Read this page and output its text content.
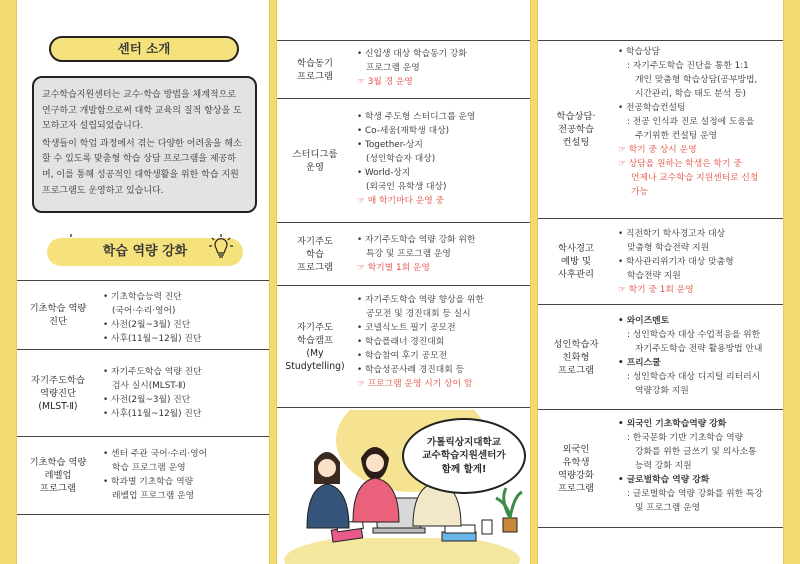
센터 소개

교수학습지원센터는 교수·학습 방법을 체계적으로 연구하고 개발함으로써 대학 교육의 질적 향상을 도모하고자 설립되었습니다.

학생들이 학업 과정에서 겪는 다양한 어려움을 해소할 수 있도록 맞춤형 학습 상담 프로그램을 제공하며, 이를 통해 성공적인 대학생활을 위한 학습 지원 프로그램도 운영하고 있습니다.

학습 역량 강화
기초학습 역량
진단
• 기초학습능력 진단
(국어·수리·영어)
• 사전(2월~3월) 진단
• 사후(11월~12월) 진단
자기주도학습
역량진단
(MLST-Ⅱ)
• 자기주도학습 역량 진단
검사 실시(MLST-Ⅱ)
• 사전(2월~3월) 진단
• 사후(11월~12월) 진단
기초학습 역량
레벨업
프로그램
• 센터 주관 국어·수리·영어
학습 프로그램 운영
• 학과별 기초학습 역량
레벨업 프로그램 운영
학습동기
프로그램
• 신입생 대상 학습동기 강화
프로그램 운영
☞ 3월 경 운영
스터디그룹
운영
• 학생 주도형 스터디그룹 운영
• Co-세움(재학생 대상)
• Together-상지
(성인학습자 대상)
• World-상지
(외국인 유학생 대상)
☞ 매 학기마다 운영 중
자기주도
학습
프로그램
• 자기주도학습 역량 강화 위한
특강 및 프로그램 운영
☞ 학기별 1회 운영
자기주도
학습캠프
(My
Studytelling)
• 자기주도학습 역량 향상을 위한
공모전 및 경진대회 등 실시
• 코넬식노트 필기 공모전
• 학습플래너 경진대회
• 학습참여 후기 공모전
• 학습성공사례 경진대회 등
☞ 프로그램 운영 시기 상이 함
가톨릭상지대학교
교수학습지원센터가
함께 할게!
학습상담·
전공학습
컨설팅
• 학습상담
: 자기주도학습 진단을 통한 1:1
개인 맞춤형 학습상담(공부방법,
시간관리, 학습 태도 분석 등)
• 전공학습컨설팅
: 전공 인식과 진로 설정에 도움을
주기위한 컨설팅 운영
☞ 학기 중 상시 운영
☞ 상담을 원하는 학생은 학기 중
언제나 교수학습 지원센터로 신청
가능
학사경고
예방 및
사후관리
• 직전학기 학사경고자 대상
맞춤형 학습전략 지원
• 학사관리위기자 대상 맞춤형
학습전략 지원
☞ 학기 중 1회 운영
성인학습자
친화형
프로그램
• 와이즈멘토
: 성인학습자 대상 수업적응을 위한
자기주도학습 전략 활용방법 안내
• 프리스쿨
: 성인학습자 대상 디지털 리터러시
역량강화 지원
외국인
유학생
역량강화
프로그램
• 외국인 기초학습역량 강화
: 한국문화 기반 기초학습 역량
강화를 위한 글쓰기 및 의사소통
능력 강화 지원
• 글로벌학습 역량 강화
: 글로벌학습 역량 강화를 위한 특강
및 프로그램 운영
